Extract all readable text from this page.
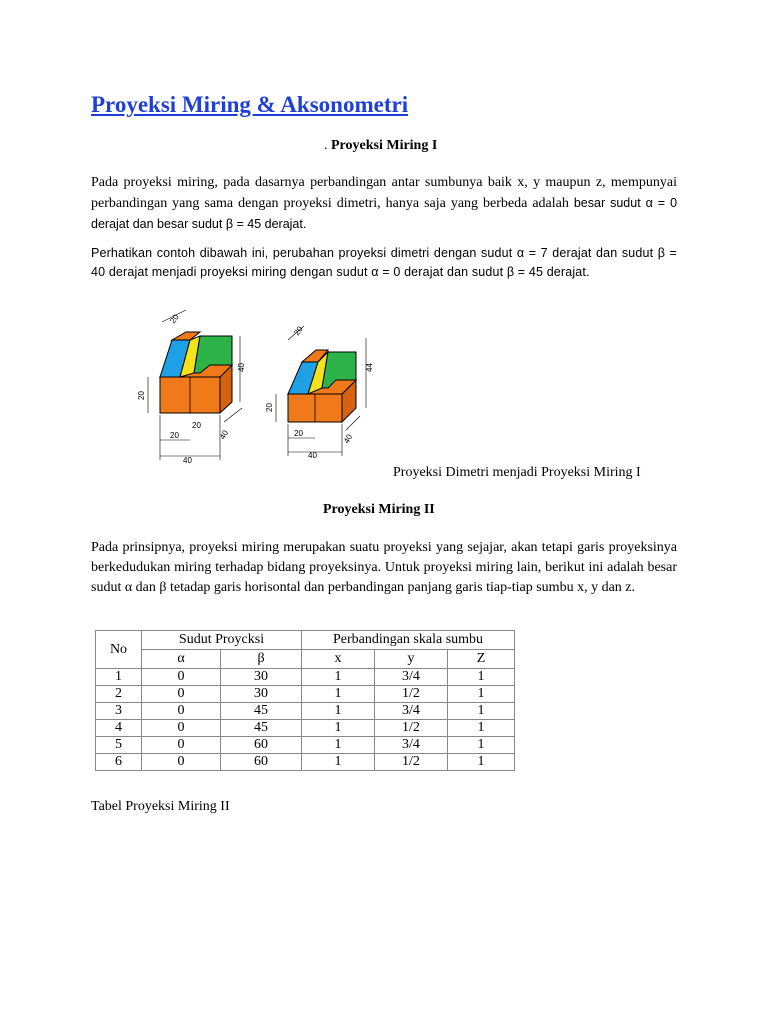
Proyeksi Miring & Aksonometri
. Proyeksi Miring I

Pada proyeksi miring, pada dasarnya perbandingan antar sumbunya baik x, y maupun z, mempunyai perbandingan yang sama dengan proyeksi dimetri, hanya saja yang berbeda adalah besar sudut α = 0 derajat dan besar sudut β = 45 derajat.

Perhatikan contoh dibawah ini, perubahan proyeksi dimetri dengan sudut α = 7 derajat dan sudut β = 40 derajat menjadi proyeksi miring dengan sudut α = 0 derajat dan sudut β = 45 derajat.

20
40
20
20
20
40
40
20
44
20
20
40
40
Proyeksi Dimetri menjadi Proyeksi Miring I
Proyeksi Miring II

Pada prinsipnya, proyeksi miring merupakan suatu proyeksi yang sejajar, akan tetapi garis proyeksinya berkedudukan miring terhadap bidang proyeksinya. Untuk proyeksi miring lain, berikut ini adalah besar sudut α dan β tetadap garis horisontal dan perbandingan panjang garis tiap-tiap sumbu x, y dan z.

No	Sudut Proycksi		Perbandingan skala sumbu		
	α	β	x	y	Z
1	0	30	1	3/4	1
2	0	30	1	1/2	1
3	0	45	1	3/4	1
4	0	45	1	1/2	1
5	0	60	1	3/4	1
6	0	60	1	1/2	1
Tabel Proyeksi Miring II
